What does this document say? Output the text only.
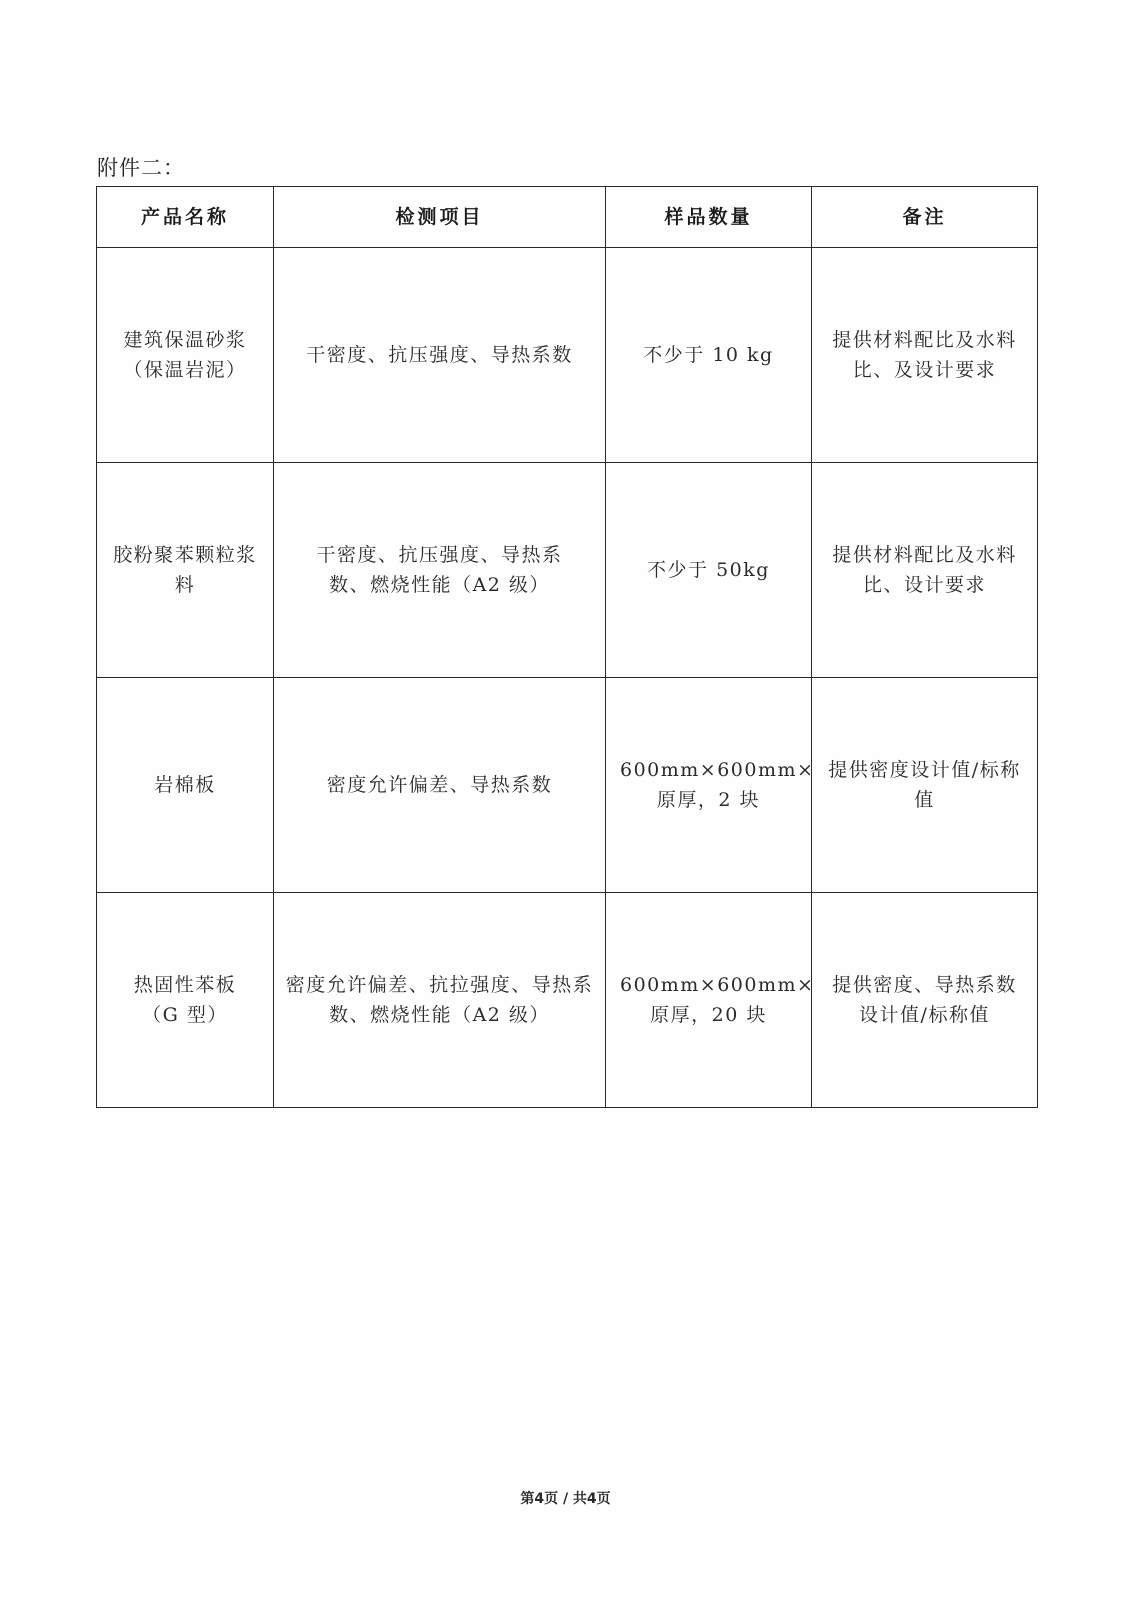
附件二：
产品名称	检测项目	样品数量	备注
建筑保温砂浆（保温岩泥）	干密度、抗压强度、导热系数	不少于 10 kg	提供材料配比及水料比、及设计要求
胶粉聚苯颗粒浆料	干密度、抗压强度、导热系数、燃烧性能（A2 级）	不少于 50kg	提供材料配比及水料比、设计要求
岩棉板	密度允许偏差、导热系数	600mm×600mm×原厚，2 块	提供密度设计值/标称值
热固性苯板（G 型）	密度允许偏差、抗拉强度、导热系数、燃烧性能（A2 级）	600mm×600mm×原厚，20 块	提供密度、导热系数设计值/标称值
第4页 / 共4页
